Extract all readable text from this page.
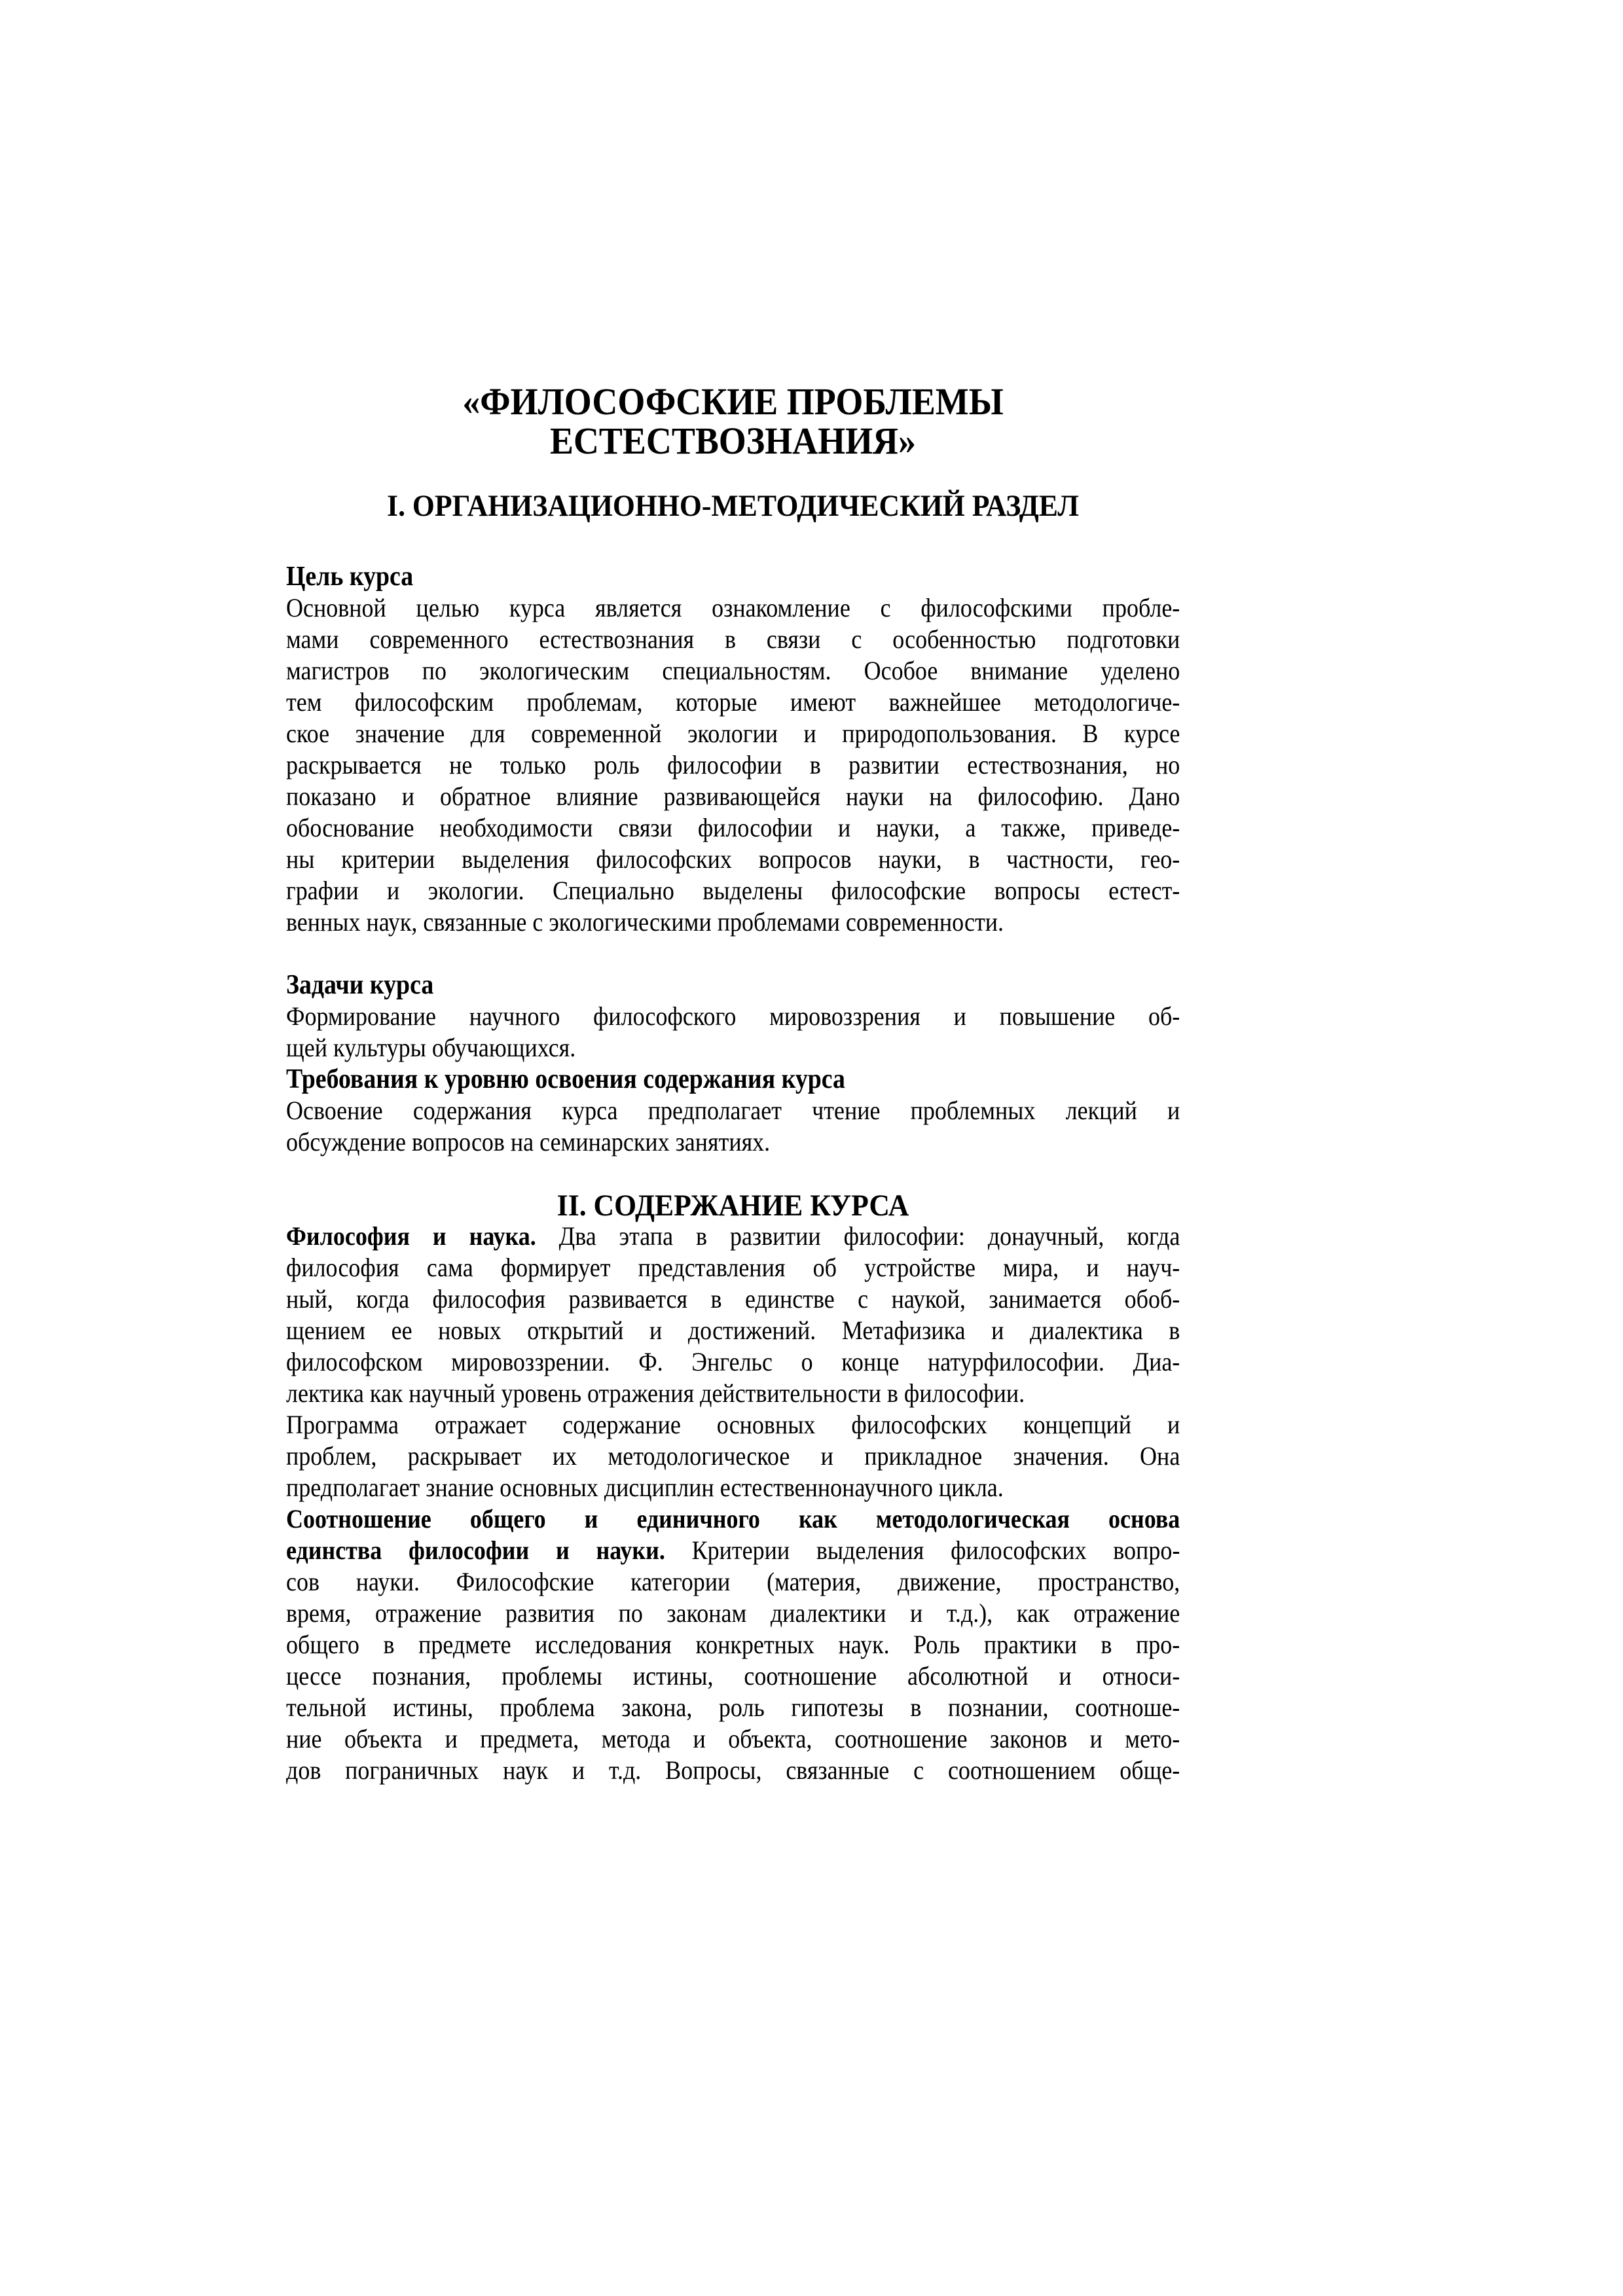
«ФИЛОСОФСКИЕ ПРОБЛЕМЫ
ЕСТЕСТВОЗНАНИЯ»
I. ОРГАНИЗАЦИОННО-МЕТОДИЧЕСКИЙ РАЗДЕЛ
Цель курса
Основной целью курса является ознакомление с философскими пробле-
мами современного естествознания в связи с особенностью подготовки
магистров по экологическим специальностям. Особое внимание уделено
тем философским проблемам, которые имеют важнейшее методологиче-
ское значение для современной экологии и природопользования. В курсе
раскрывается не только роль философии в развитии естествознания, но
показано и обратное влияние развивающейся науки на философию. Дано
обоснование необходимости связи философии и науки, а также, приведе-
ны критерии выделения философских вопросов науки, в частности, гео-
графии и экологии. Специально выделены философские вопросы естест-
венных наук, связанные с экологическими проблемами современности.
Задачи курса
Формирование научного философского мировоззрения и повышение об-
щей культуры обучающихся.
Требования к уровню освоения содержания курса
Освоение содержания курса предполагает чтение проблемных лекций и
обсуждение вопросов на семинарских занятиях.
II. СОДЕРЖАНИЕ КУРСА
Философия и наука. Два этапа в развитии философии: донаучный, когда
философия сама формирует представления об устройстве мира, и науч-
ный, когда философия развивается в единстве с наукой, занимается обоб-
щением ее новых открытий и достижений. Метафизика и диалектика в
философском мировоззрении. Ф. Энгельс о конце натурфилософии. Диа-
лектика как научный уровень отражения действительности в философии.
Программа отражает содержание основных философских концепций и
проблем, раскрывает их методологическое и прикладное значения. Она
предполагает знание основных дисциплин естественнонаучного цикла.
Соотношение общего и единичного как методологическая основа
единства философии и науки. Критерии выделения философских вопро-
сов науки. Философские категории (материя, движение, пространство,
время, отражение развития по законам диалектики и т.д.), как отражение
общего в предмете исследования конкретных наук. Роль практики в про-
цессе познания, проблемы истины, соотношение абсолютной и относи-
тельной истины, проблема закона, роль гипотезы в познании, соотноше-
ние объекта и предмета, метода и объекта, соотношение законов и мето-
дов пограничных наук и т.д. Вопросы, связанные с соотношением обще-
